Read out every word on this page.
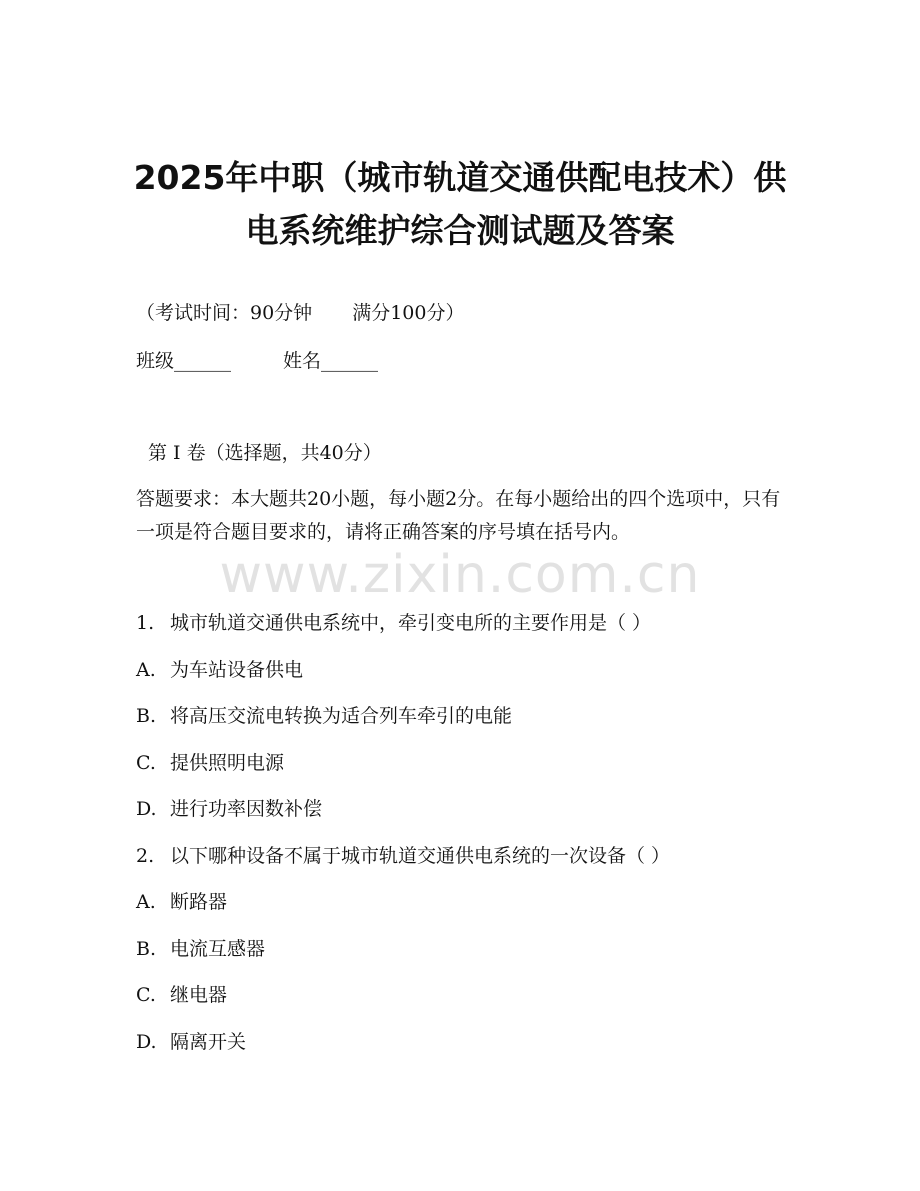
2025年中职（城市轨道交通供配电技术）供
电系统维护综合测试题及答案

（考试时间：90分钟 满分100分）

班级______	姓名______

第 I 卷（选择题，共40分）

答题要求：本大题共20小题，每小题2分。在每小题给出的四个选项中，只有一项是符合题目要求的，请将正确答案的序号填在括号内。

www.zixin.com.cn
1. 城市轨道交通供电系统中，牵引变电所的主要作用是（ ）
A. 为车站设备供电
B. 将高压交流电转换为适合列车牵引的电能
C. 提供照明电源
D. 进行功率因数补偿
2. 以下哪种设备不属于城市轨道交通供电系统的一次设备（ ）
A. 断路器
B. 电流互感器
C. 继电器
D. 隔离开关
